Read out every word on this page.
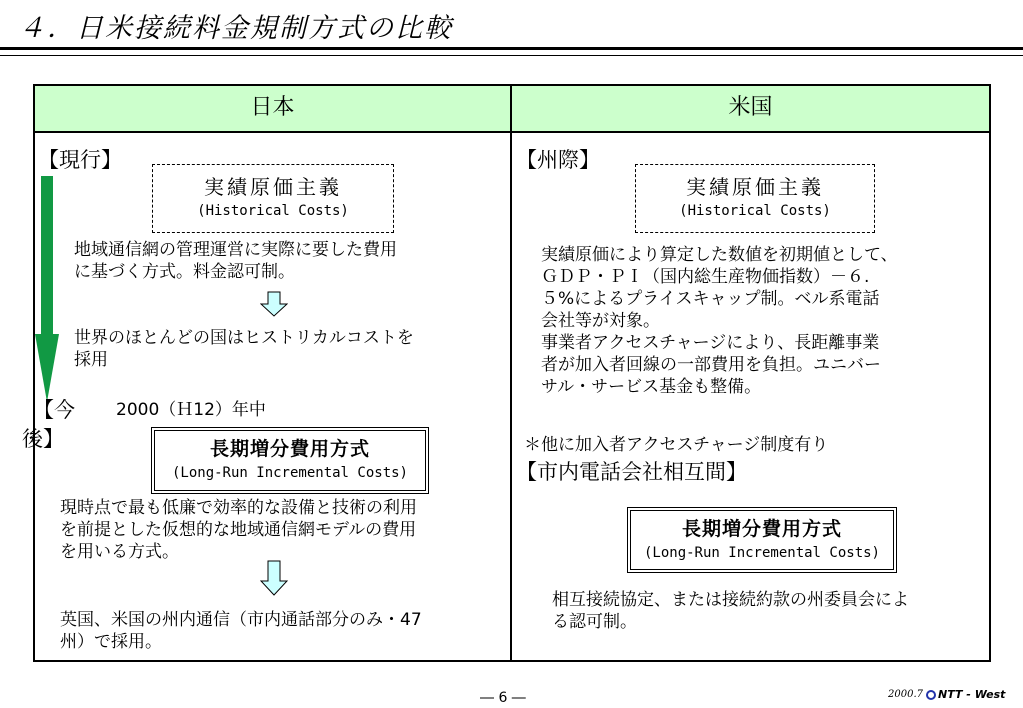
４．日米接続料金規制方式の比較
日本	米国
【現行】
実績原価主義
(Historical Costs)
地域通信網の管理運営に実際に要した費用
に基づく方式。料金認可制。
世界のほとんどの国はヒストリカルコストを
採用
【今
後】
2000（Ｈ12）年中
長期増分費用方式
(Long-Run Incremental Costs)
現時点で最も低廉で効率的な設備と技術の利用
を前提とした仮想的な地域通信網モデルの費用
を用いる方式。
英国、米国の州内通信（市内通話部分のみ・47
州）で採用。
【州際】
実績原価主義
(Historical Costs)
実績原価により算定した数値を初期値として、
ＧＤＰ・ＰＩ（国内総生産物価指数）－６.
５%によるプライスキャップ制。ベル系電話
会社等が対象。
事業者アクセスチャージにより、長距離事業
者が加入者回線の一部費用を負担。ユニバー
サル・サービス基金も整備。
＊他に加入者アクセスチャージ制度有り
【市内電話会社相互間】
長期増分費用方式
(Long-Run Incremental Costs)
相互接続協定、または接続約款の州委員会によ
る認可制。
― 6 ―	2000.7 NTT - West
